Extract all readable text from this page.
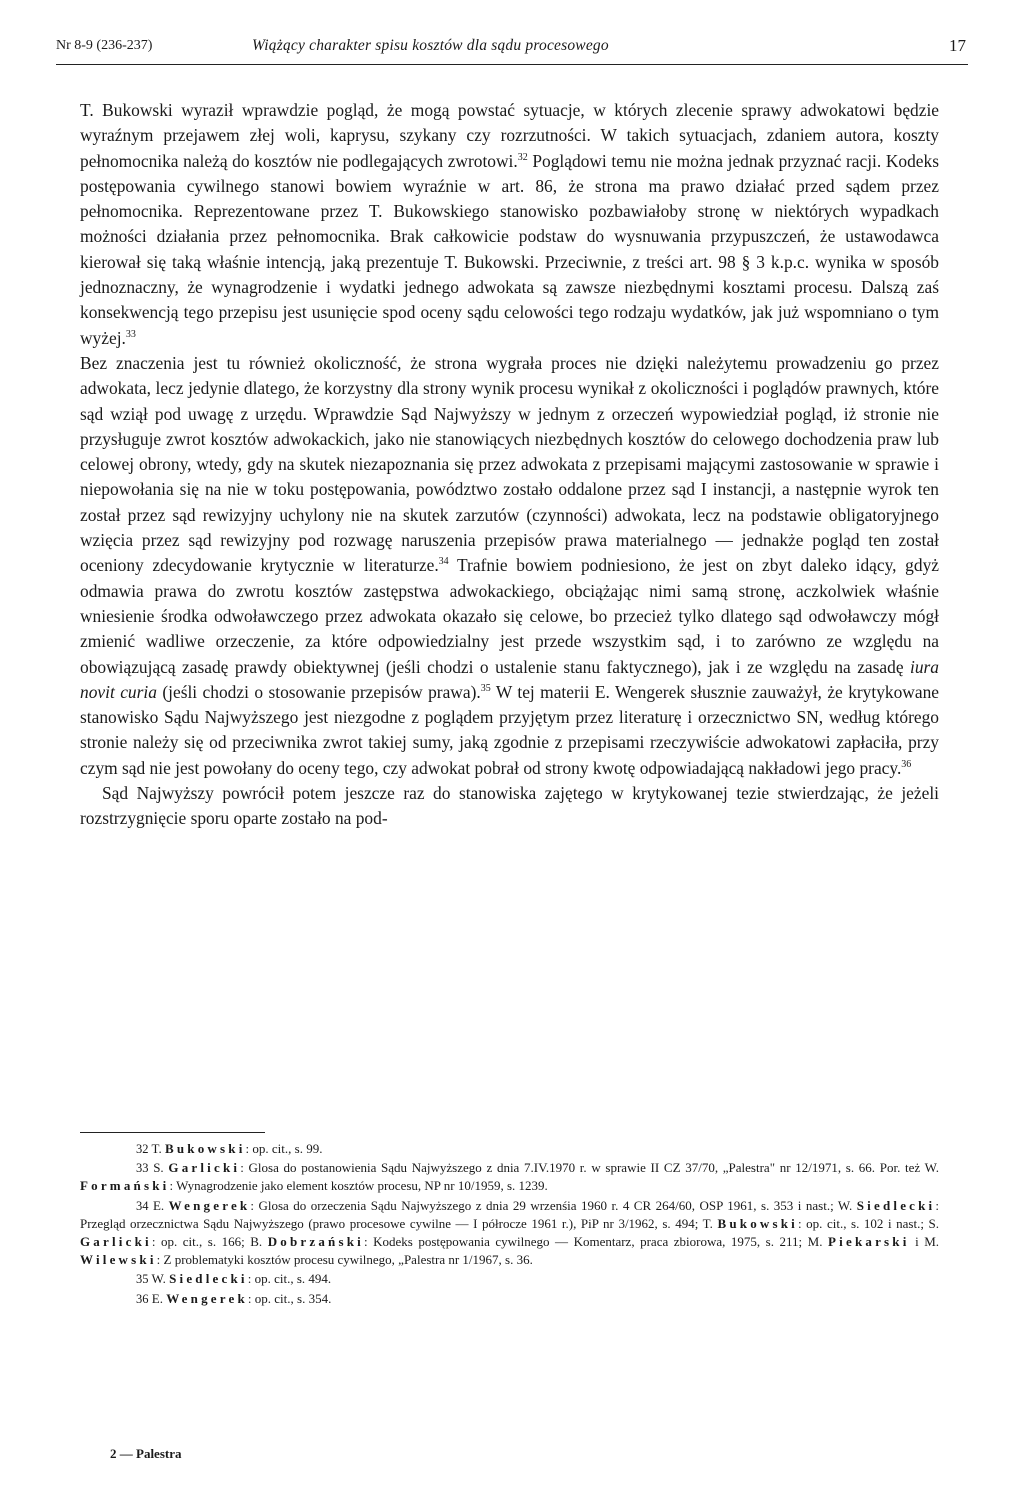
Nr 8-9 (236-237)	Wiążący charakter spisu kosztów dla sądu procesowego	17

T. Bukowski wyraził wprawdzie pogląd, że mogą powstać sytuacje, w których zlecenie sprawy adwokatowi będzie wyraźnym przejawem złej woli, kaprysu, szykany czy rozrzutności. W takich sytuacjach, zdaniem autora, koszty pełnomocnika należą do kosztów nie podlegających zwrotowi.$^{32}$ Poglądowi temu nie można jednak przyznać racji. Kodeks postępowania cywilnego stanowi bowiem wyraźnie w art. 86, że strona ma prawo działać przed sądem przez pełnomocnika. Reprezentowane przez T. Bukowskiego stanowisko pozbawiałoby stronę w niektórych wypadkach możności działania przez pełnomocnika. Brak całkowicie podstaw do wysnuwania przypuszczeń, że ustawodawca kierował się taką właśnie intencją, jaką prezentuje T. Bukowski. Przeciwnie, z treści art. 98 § 3 k.p.c. wynika w sposób jednoznaczny, że wynagrodzenie i wydatki jednego adwokata są zawsze niezbędnymi kosztami procesu. Dalszą zaś konsekwencją tego przepisu jest usunięcie spod oceny sądu celowości tego rodzaju wydatków, jak już wspomniano o tym wyżej.$^{33}$

Bez znaczenia jest tu również okoliczność, że strona wygrała proces nie dzięki należytemu prowadzeniu go przez adwokata, lecz jedynie dlatego, że korzystny dla strony wynik procesu wynikał z okoliczności i poglądów prawnych, które sąd wziął pod uwagę z urzędu. Wprawdzie Sąd Najwyższy w jednym z orzeczeń wypowiedział pogląd, iż stronie nie przysługuje zwrot kosztów adwokackich, jako nie stanowiących niezbędnych kosztów do celowego dochodzenia praw lub celowej obrony, wtedy, gdy na skutek niezapoznania się przez adwokata z przepisami mającymi zastosowanie w sprawie i niepowołania się na nie w toku postępowania, powództwo zostało oddalone przez sąd I instancji, a następnie wyrok ten został przez sąd rewizyjny uchylony nie na skutek zarzutów (czynności) adwokata, lecz na podstawie obligatoryjnego wzięcia przez sąd rewizyjny pod rozwagę naruszenia przepisów prawa materialnego — jednakże pogląd ten został oceniony zdecydowanie krytycznie w literaturze.$^{34}$ Trafnie bowiem podniesiono, że jest on zbyt daleko idący, gdyż odmawia prawa do zwrotu kosztów zastępstwa adwokackiego, obciążając nimi samą stronę, aczkolwiek właśnie wniesienie środka odwoławczego przez adwokata okazało się celowe, bo przecież tylko dlatego sąd odwoławczy mógł zmienić wadliwe orzeczenie, za które odpowiedzialny jest przede wszystkim sąd, i to zarówno ze względu na obowiązującą zasadę prawdy obiektywnej (jeśli chodzi o ustalenie stanu faktycznego), jak i ze względu na zasadę iura novit curia (jeśli chodzi o stosowanie przepisów prawa).$^{35}$ W tej materii E. Wengerek słusznie zauważył, że krytykowane stanowisko Sądu Najwyższego jest niezgodne z poglądem przyjętym przez literaturę i orzecznictwo SN, według którego stronie należy się od przeciwnika zwrot takiej sumy, jaką zgodnie z przepisami rzeczywiście adwokatowi zapłaciła, przy czym sąd nie jest powołany do oceny tego, czy adwokat pobrał od strony kwotę odpowiadającą nakładowi jego pracy.$^{36}$

Sąd Najwyższy powrócił potem jeszcze raz do stanowiska zajętego w krytykowanej tezie stwierdzając, że jeżeli rozstrzygnięcie sporu oparte zostało na pod-

32 T. Bukowski: op. cit., s. 99.

33 S. Garlicki: Glosa do postanowienia Sądu Najwyższego z dnia 7.IV.1970 r. w sprawie II CZ 37/70, „Palestra" nr 12/1971, s. 66. Por. też W. Formański: Wynagrodzenie jako element kosztów procesu, NP nr 10/1959, s. 1239.

34 E. Wengerek: Glosa do orzeczenia Sądu Najwyższego z dnia 29 wrzenśia 1960 r. 4 CR 264/60, OSP 1961, s. 353 i nast.; W. Siedlecki: Przegląd orzecznictwa Sądu Najwyższego (prawo procesowe cywilne — I półrocze 1961 r.), PiP nr 3/1962, s. 494; T. Bukowski: op. cit., s. 102 i nast.; S. Garlicki: op. cit., s. 166; B. Dobrzański: Kodeks postępowania cywilnego — Komentarz, praca zbiorowa, 1975, s. 211; M. Piekarski i M. Wilewski: Z problematyki kosztów procesu cywilnego, „Palestra nr 1/1967, s. 36.

35 W. Siedlecki: op. cit., s. 494.

36 E. Wengerek: op. cit., s. 354.

2 — Palestra
